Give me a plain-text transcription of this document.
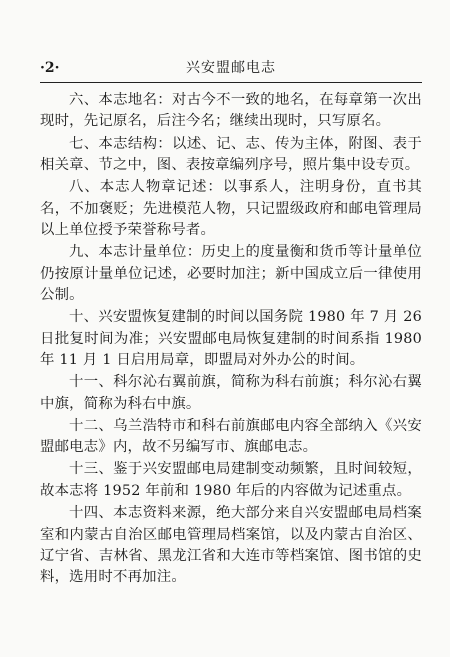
·2·	兴安盟邮电志

六、本志地名：对古今不一致的地名，在每章第一次出现时，先记原名，后注今名；继续出现时，只写原名。

七、本志结构：以述、记、志、传为主体，附图、表于相关章、节之中，图、表按章编列序号，照片集中设专页。

八、本志人物章记述：以事系人，注明身份，直书其名，不加褒贬；先进模范人物，只记盟级政府和邮电管理局以上单位授予荣誉称号者。

九、本志计量单位：历史上的度量衡和货币等计量单位仍按原计量单位记述，必要时加注；新中国成立后一律使用公制。

十、兴安盟恢复建制的时间以国务院 1980 年 7 月 26 日批复时间为准；兴安盟邮电局恢复建制的时间系指 1980 年 11 月 1 日启用局章，即盟局对外办公的时间。

十一、科尔沁右翼前旗，简称为科右前旗；科尔沁右翼中旗，简称为科右中旗。

十二、乌兰浩特市和科右前旗邮电内容全部纳入《兴安盟邮电志》内，故不另编写市、旗邮电志。

十三、鉴于兴安盟邮电局建制变动频繁，且时间较短，故本志将 1952 年前和 1980 年后的内容做为记述重点。

十四、本志资料来源，绝大部分来自兴安盟邮电局档案室和内蒙古自治区邮电管理局档案馆，以及内蒙古自治区、辽宁省、吉林省、黑龙江省和大连市等档案馆、图书馆的史料，选用时不再加注。
